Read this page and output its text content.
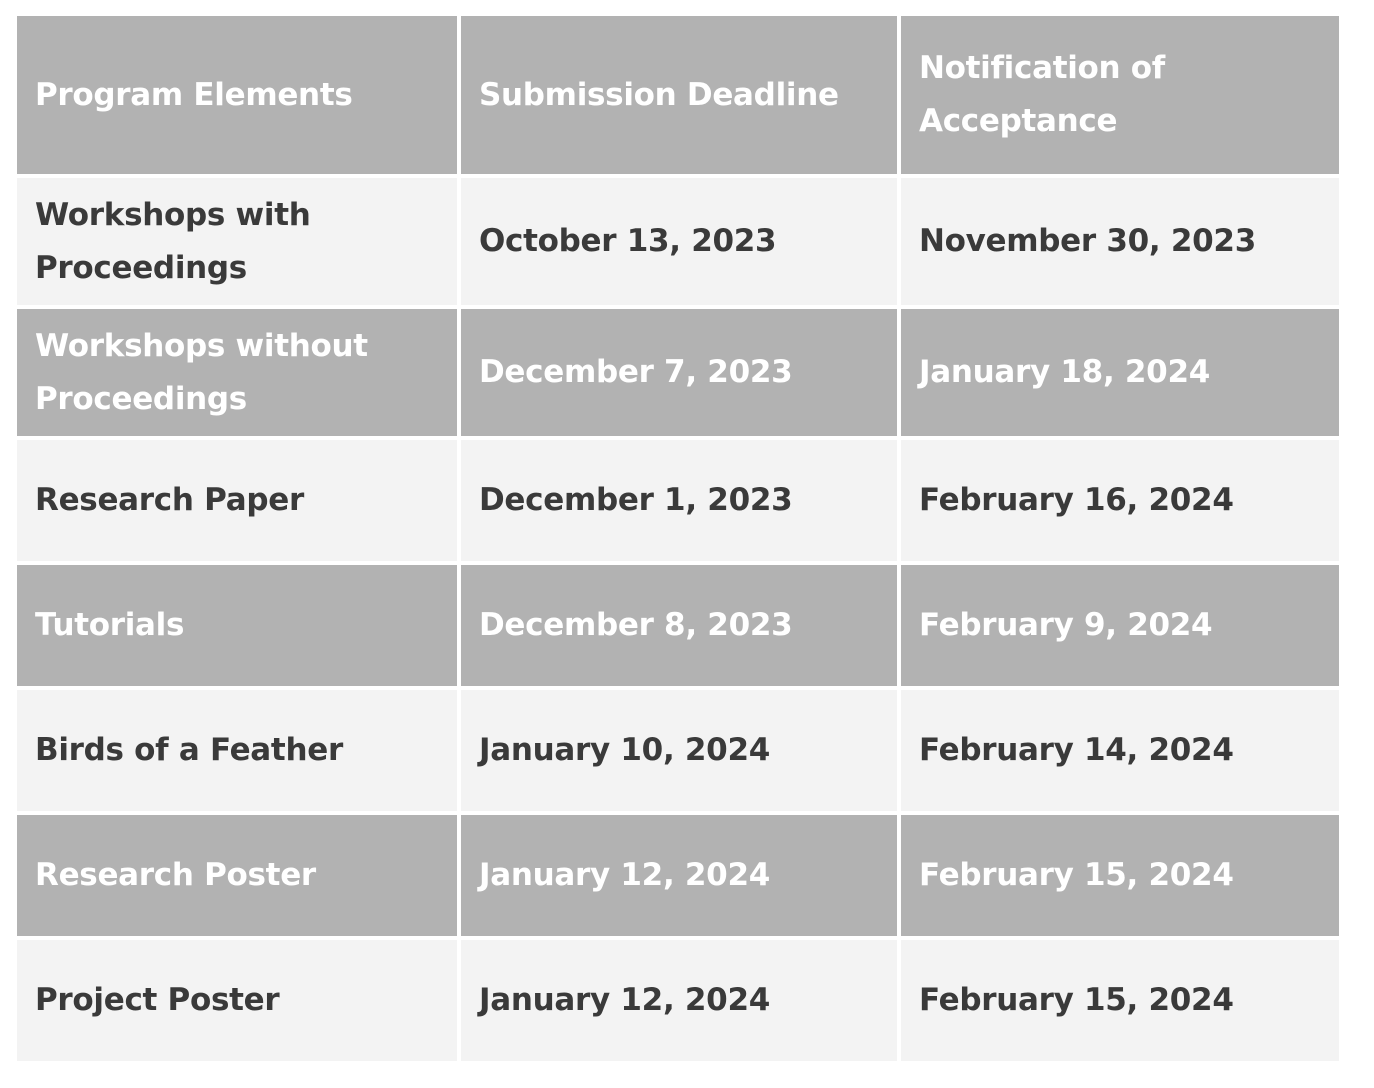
Program Elements	Submission Deadline	Notification of Acceptance
Workshops with Proceedings	October 13, 2023	November 30, 2023
Workshops without Proceedings	December 7, 2023	January 18, 2024
Research Paper	December 1, 2023	February 16, 2024
Tutorials	December 8, 2023	February 9, 2024
Birds of a Feather	January 10, 2024	February 14, 2024
Research Poster	January 12, 2024	February 15, 2024
Project Poster	January 12, 2024	February 15, 2024
